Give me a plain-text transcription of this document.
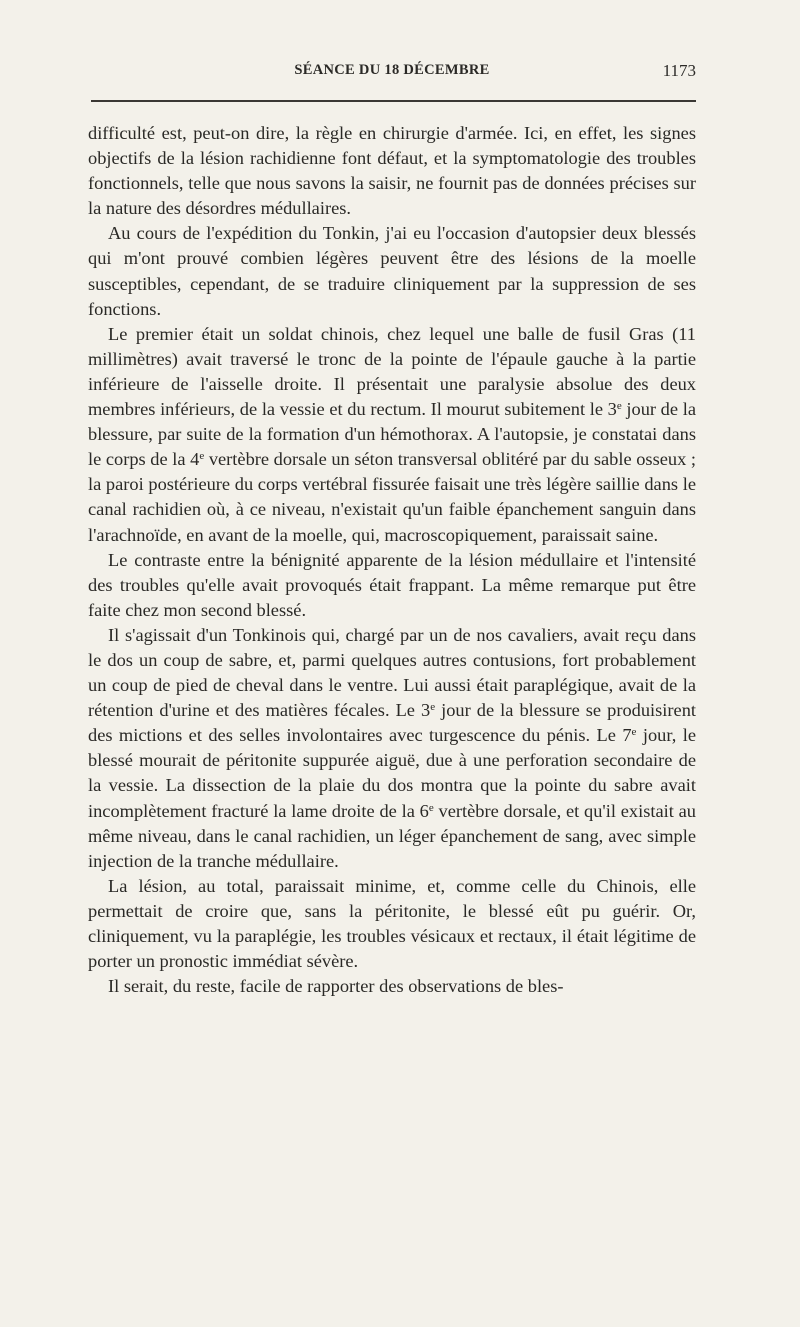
SÉANCE DU 18 DÉCEMBRE	1173

difficulté est, peut-on dire, la règle en chirurgie d'armée. Ici, en effet, les signes objectifs de la lésion rachidienne font défaut, et la symptomatologie des troubles fonctionnels, telle que nous savons la saisir, ne fournit pas de données précises sur la nature des désordres médullaires.

Au cours de l'expédition du Tonkin, j'ai eu l'occasion d'autopsier deux blessés qui m'ont prouvé combien légères peuvent être des lésions de la moelle susceptibles, cependant, de se traduire cliniquement par la suppression de ses fonctions.

Le premier était un soldat chinois, chez lequel une balle de fusil Gras (11 millimètres) avait traversé le tronc de la pointe de l'épaule gauche à la partie inférieure de l'aisselle droite. Il présentait une paralysie absolue des deux membres inférieurs, de la vessie et du rectum. Il mourut subitement le 3e jour de la blessure, par suite de la formation d'un hémothorax. A l'autopsie, je constatai dans le corps de la 4e vertèbre dorsale un séton transversal oblitéré par du sable osseux ; la paroi postérieure du corps vertébral fissurée faisait une très légère saillie dans le canal rachidien où, à ce niveau, n'existait qu'un faible épanchement sanguin dans l'arachnoïde, en avant de la moelle, qui, macroscopiquement, paraissait saine.

Le contraste entre la bénignité apparente de la lésion médullaire et l'intensité des troubles qu'elle avait provoqués était frappant. La même remarque put être faite chez mon second blessé.

Il s'agissait d'un Tonkinois qui, chargé par un de nos cavaliers, avait reçu dans le dos un coup de sabre, et, parmi quelques autres contusions, fort probablement un coup de pied de cheval dans le ventre. Lui aussi était paraplégique, avait de la rétention d'urine et des matières fécales. Le 3e jour de la blessure se produisirent des mictions et des selles involontaires avec turgescence du pénis. Le 7e jour, le blessé mourait de péritonite suppurée aiguë, due à une perforation secondaire de la vessie. La dissection de la plaie du dos montra que la pointe du sabre avait incomplètement fracturé la lame droite de la 6e vertèbre dorsale, et qu'il existait au même niveau, dans le canal rachidien, un léger épanchement de sang, avec simple injection de la tranche médullaire.

La lésion, au total, paraissait minime, et, comme celle du Chinois, elle permettait de croire que, sans la péritonite, le blessé eût pu guérir. Or, cliniquement, vu la paraplégie, les troubles vésicaux et rectaux, il était légitime de porter un pronostic immédiat sévère.

Il serait, du reste, facile de rapporter des observations de bles-
